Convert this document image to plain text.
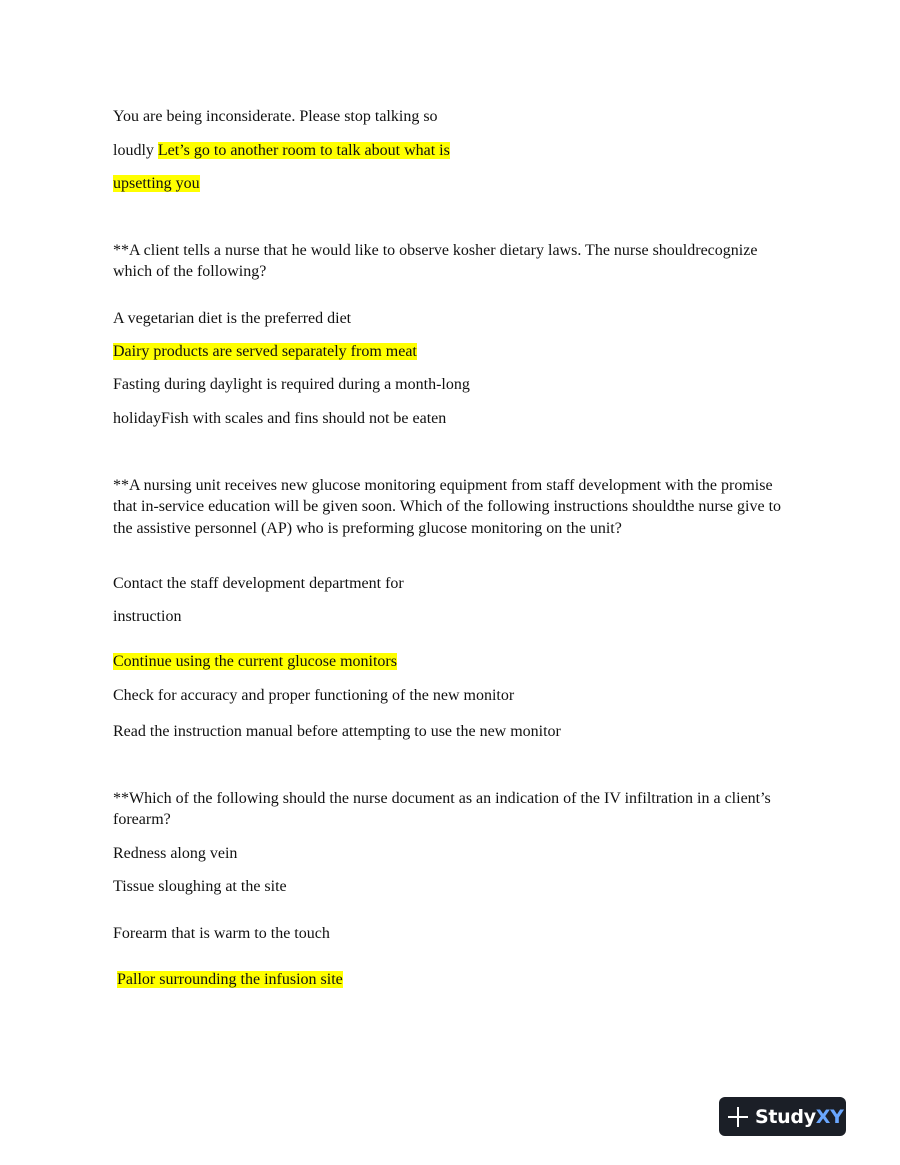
You are being inconsiderate. Please stop talking so
loudly Let’s go to another room to talk about what is
upsetting you
**A client tells a nurse that he would like to observe kosher dietary laws. The nurse shouldrecognize which of the following?
A vegetarian diet is the preferred diet
Dairy products are served separately from meat
Fasting during daylight is required during a month-long
holidayFish with scales and fins should not be eaten
**A nursing unit receives new glucose monitoring equipment from staff development with the promise that in-service education will be given soon. Which of the following instructions shouldthe nurse give to the assistive personnel (AP) who is preforming glucose monitoring on the unit?
Contact the staff development department for
instruction
Continue using the current glucose monitors
Check for accuracy and proper functioning of the new monitor
Read the instruction manual before attempting to use the new monitor
**Which of the following should the nurse document as an indication of the IV infiltration in a client’s forearm?
Redness along vein
Tissue sloughing at the site
Forearm that is warm to the touch
Pallor surrounding the infusion site
StudyXY
